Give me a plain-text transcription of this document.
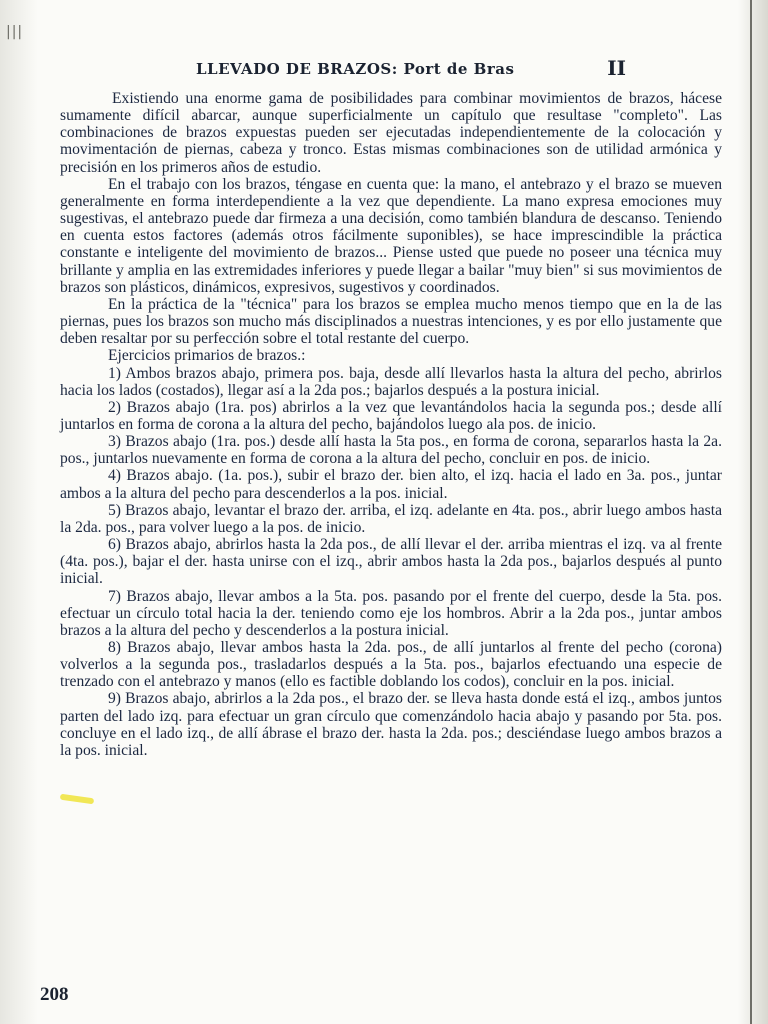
|||
LLEVADO DE BRAZOS: Port de Bras	II

Existiendo una enorme gama de posibilidades para combinar movimientos de brazos, hácese sumamente difícil abarcar, aunque superficialmente un capítulo que resultase "completo". Las combinaciones de brazos expuestas pueden ser ejecutadas independientemente de la colocación y movimentación de piernas, cabeza y tronco. Estas mismas combinaciones son de utilidad armónica y precisión en los primeros años de estudio.

En el trabajo con los brazos, téngase en cuenta que: la mano, el antebrazo y el brazo se mueven generalmente en forma interdependiente a la vez que dependiente. La mano expresa emociones muy sugestivas, el antebrazo puede dar firmeza a una decisión, como también blandura de descanso. Teniendo en cuenta estos factores (además otros fácilmente suponibles), se hace imprescindible la práctica constante e inteligente del movimiento de brazos... Piense usted que puede no poseer una técnica muy brillante y amplia en las extremidades inferiores y puede llegar a bailar "muy bien" si sus movimientos de brazos son plásticos, dinámicos, expresivos, sugestivos y coordinados.

En la práctica de la "técnica" para los brazos se emplea mucho menos tiempo que en la de las piernas, pues los brazos son mucho más disciplinados a nuestras intenciones, y es por ello justamente que deben resaltar por su perfección sobre el total restante del cuerpo.

Ejercicios primarios de brazos.:

1) Ambos brazos abajo, primera pos. baja, desde allí llevarlos hasta la altura del pecho, abrirlos hacia los lados (costados), llegar así a la 2da pos.; bajarlos después a la postura inicial.

2) Brazos abajo (1ra. pos) abrirlos a la vez que levantándolos hacia la segunda pos.; desde allí juntarlos en forma de corona a la altura del pecho, bajándolos luego ala pos. de inicio.

3) Brazos abajo (1ra. pos.) desde allí hasta la 5ta pos., en forma de corona, separarlos hasta la 2a. pos., juntarlos nuevamente en forma de corona a la altura del pecho, concluir en pos. de inicio.

4) Brazos abajo. (1a. pos.), subir el brazo der. bien alto, el izq. hacia el lado en 3a. pos., juntar ambos a la altura del pecho para descenderlos a la pos. inicial.

5) Brazos abajo, levantar el brazo der. arriba, el izq. adelante en 4ta. pos., abrir luego ambos hasta la 2da. pos., para volver luego a la pos. de inicio.

6) Brazos abajo, abrirlos hasta la 2da pos., de allí llevar el der. arriba mientras el izq. va al frente (4ta. pos.), bajar el der. hasta unirse con el izq., abrir ambos hasta la 2da pos., bajarlos después al punto inicial.

7) Brazos abajo, llevar ambos a la 5ta. pos. pasando por el frente del cuerpo, desde la 5ta. pos. efectuar un círculo total hacia la der. teniendo como eje los hombros. Abrir a la 2da pos., juntar ambos brazos a la altura del pecho y descenderlos a la postura inicial.

8) Brazos abajo, llevar ambos hasta la 2da. pos., de allí juntarlos al frente del pecho (corona) volverlos a la segunda pos., trasladarlos después a la 5ta. pos., bajarlos efectuando una especie de trenzado con el antebrazo y manos (ello es factible doblando los codos), concluir en la pos. inicial.

9) Brazos abajo, abrirlos a la 2da pos., el brazo der. se lleva hasta donde está el izq., ambos juntos parten del lado izq. para efectuar un gran círculo que comenzándolo hacia abajo y pasando por 5ta. pos. concluye en el lado izq., de allí ábrase el brazo der. hasta la 2da. pos.; desciéndase luego ambos brazos a la pos. inicial.

208
